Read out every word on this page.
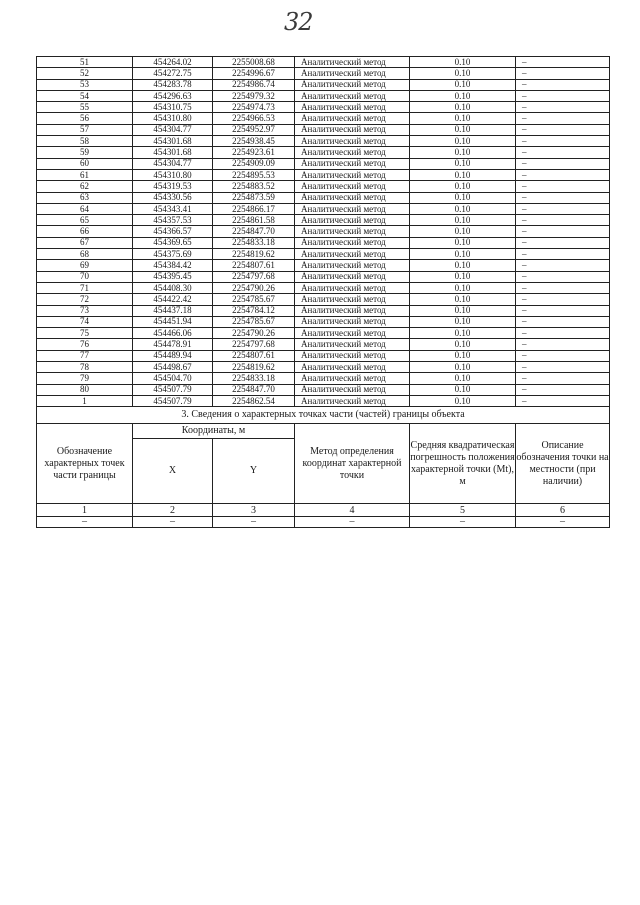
32
51	454264.02	2255008.68	Аналитический метод	0.10	–
52	454272.75	2254996.67	Аналитический метод	0.10	–
53	454283.78	2254986.74	Аналитический метод	0.10	–
54	454296.63	2254979.32	Аналитический метод	0.10	–
55	454310.75	2254974.73	Аналитический метод	0.10	–
56	454310.80	2254966.53	Аналитический метод	0.10	–
57	454304.77	2254952.97	Аналитический метод	0.10	–
58	454301.68	2254938.45	Аналитический метод	0.10	–
59	454301.68	2254923.61	Аналитический метод	0.10	–
60	454304.77	2254909.09	Аналитический метод	0.10	–
61	454310.80	2254895.53	Аналитический метод	0.10	–
62	454319.53	2254883.52	Аналитический метод	0.10	–
63	454330.56	2254873.59	Аналитический метод	0.10	–
64	454343.41	2254866.17	Аналитический метод	0.10	–
65	454357.53	2254861.58	Аналитический метод	0.10	–
66	454366.57	2254847.70	Аналитический метод	0.10	–
67	454369.65	2254833.18	Аналитический метод	0.10	–
68	454375.69	2254819.62	Аналитический метод	0.10	–
69	454384.42	2254807.61	Аналитический метод	0.10	–
70	454395.45	2254797.68	Аналитический метод	0.10	–
71	454408.30	2254790.26	Аналитический метод	0.10	–
72	454422.42	2254785.67	Аналитический метод	0.10	–
73	454437.18	2254784.12	Аналитический метод	0.10	–
74	454451.94	2254785.67	Аналитический метод	0.10	–
75	454466.06	2254790.26	Аналитический метод	0.10	–
76	454478.91	2254797.68	Аналитический метод	0.10	–
77	454489.94	2254807.61	Аналитический метод	0.10	–
78	454498.67	2254819.62	Аналитический метод	0.10	–
79	454504.70	2254833.18	Аналитический метод	0.10	–
80	454507.79	2254847.70	Аналитический метод	0.10	–
1	454507.79	2254862.54	Аналитический метод	0.10	–
3. Сведения о характерных точках части (частей) границы объекта					
Обозначение характерных точек части границы	Координаты, м		Метод определения координат характерной точки	Средняя квадратическая погрешность положения характерной точки (Mt), м	Описание обозначения точки на местности (при наличии)
	X	Y			
1	2	3	4	5	6
–	–	–	–	–	–
